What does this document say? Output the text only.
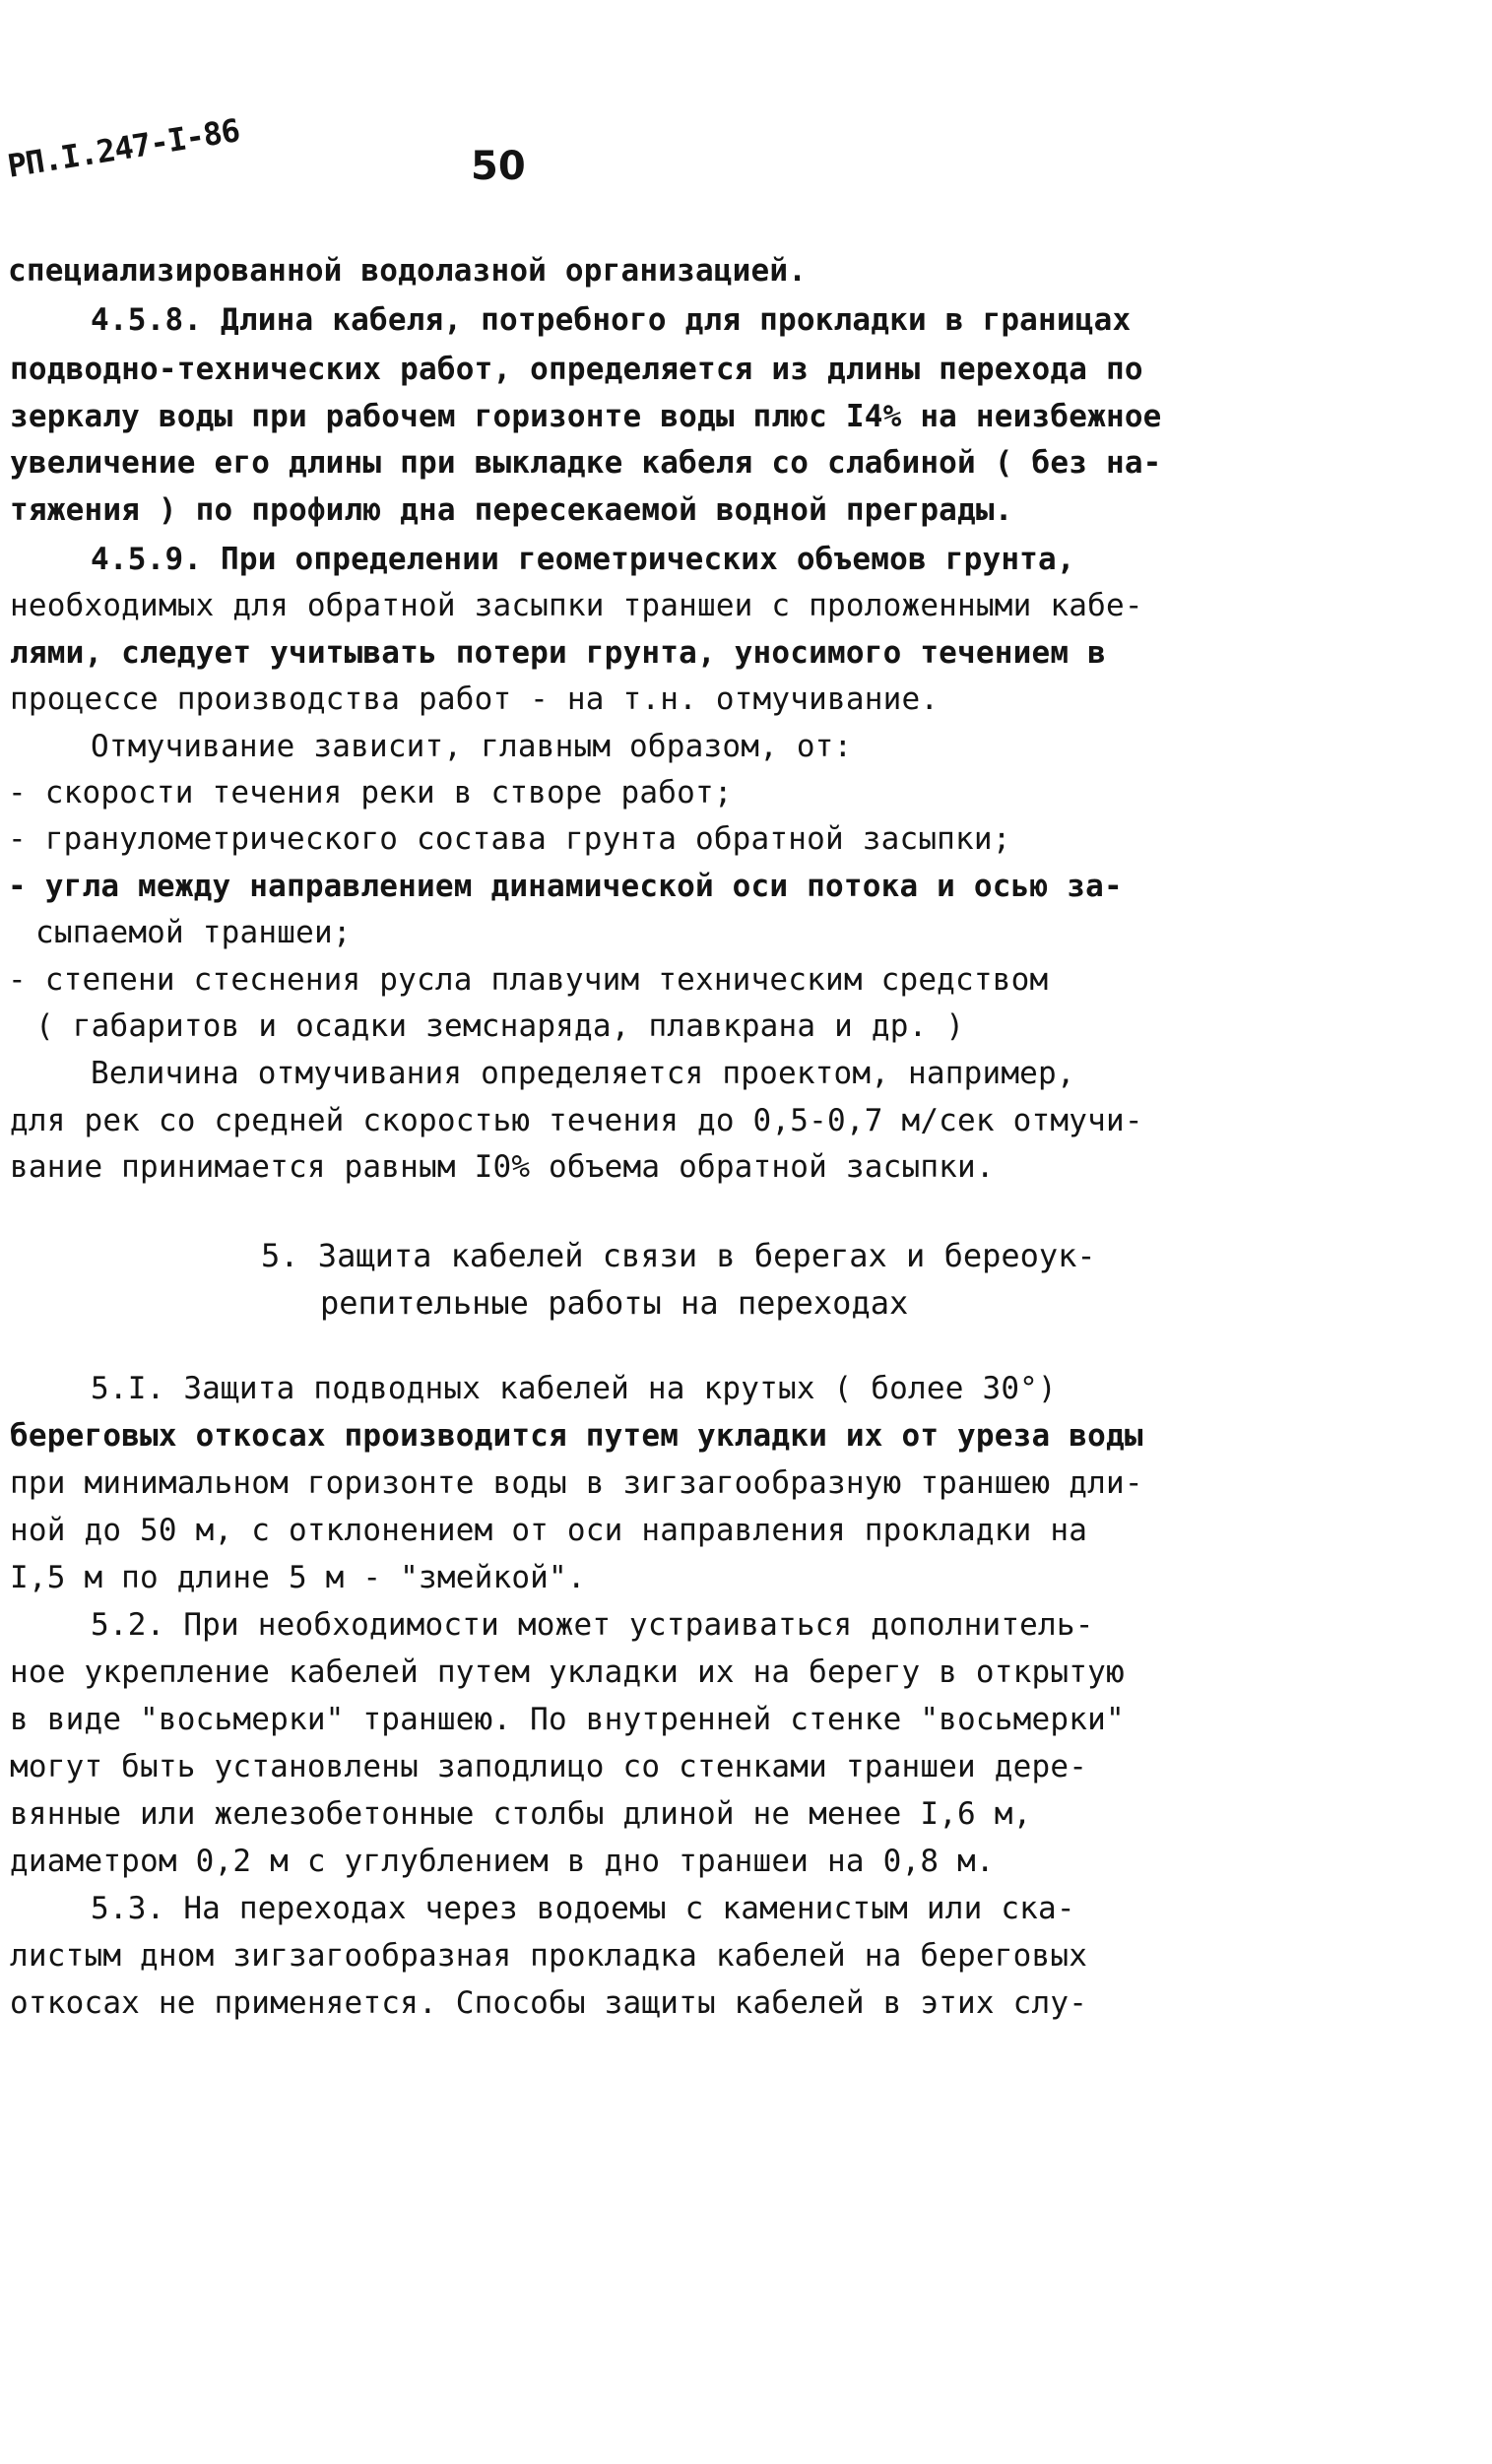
РП.I.247-I-86	50
специализированной водолазной организацией.
4.5.8. Длина кабеля, потребного для прокладки в границах
подводно-технических работ, определяется из длины перехода по
зеркалу воды при рабочем горизонте воды плюс I4% на неизбежное
увеличение его длины при выкладке кабеля со слабиной ( без на-
тяжения ) по профилю дна пересекаемой водной преграды.
4.5.9. При определении геометрических объемов грунта,
необходимых для обратной засыпки траншеи с проложенными кабе-
лями, следует учитывать потери грунта, уносимого течением в
процессе производства работ - на т.н. отмучивание.
Отмучивание зависит, главным образом, от:
- скорости течения реки в створе работ;
- гранулометрического состава грунта обратной засыпки;
- угла между направлением динамической оси потока и осью за-
сыпаемой траншеи;
- степени стеснения русла плавучим техническим средством
( габаритов и осадки земснаряда, плавкрана и др. )
Величина отмучивания определяется проектом, например,
для рек со средней скоростью течения до 0,5-0,7 м/сек отмучи-
вание принимается равным I0% объема обратной засыпки.
5. Защита кабелей связи в берегах и береоук-
репительные работы на переходах
5.I. Защита подводных кабелей на крутых ( более 30°)
береговых откосах производится путем укладки их от уреза воды
при минимальном горизонте воды в зигзагообразную траншею дли-
ной до 50 м, с отклонением от оси направления прокладки на
I,5 м по длине 5 м - "змейкой".
5.2. При необходимости может устраиваться дополнитель-
ное укрепление кабелей путем укладки их на берегу в открытую
в виде "восьмерки" траншею. По внутренней стенке "восьмерки"
могут быть установлены заподлицо со стенками траншеи дере-
вянные или железобетонные столбы длиной не менее I,6 м,
диаметром 0,2 м с углублением в дно траншеи на 0,8 м.
5.3. На переходах через водоемы с каменистым или ска-
листым дном зигзагообразная прокладка кабелей на береговых
откосах не применяется. Способы защиты кабелей в этих слу-
